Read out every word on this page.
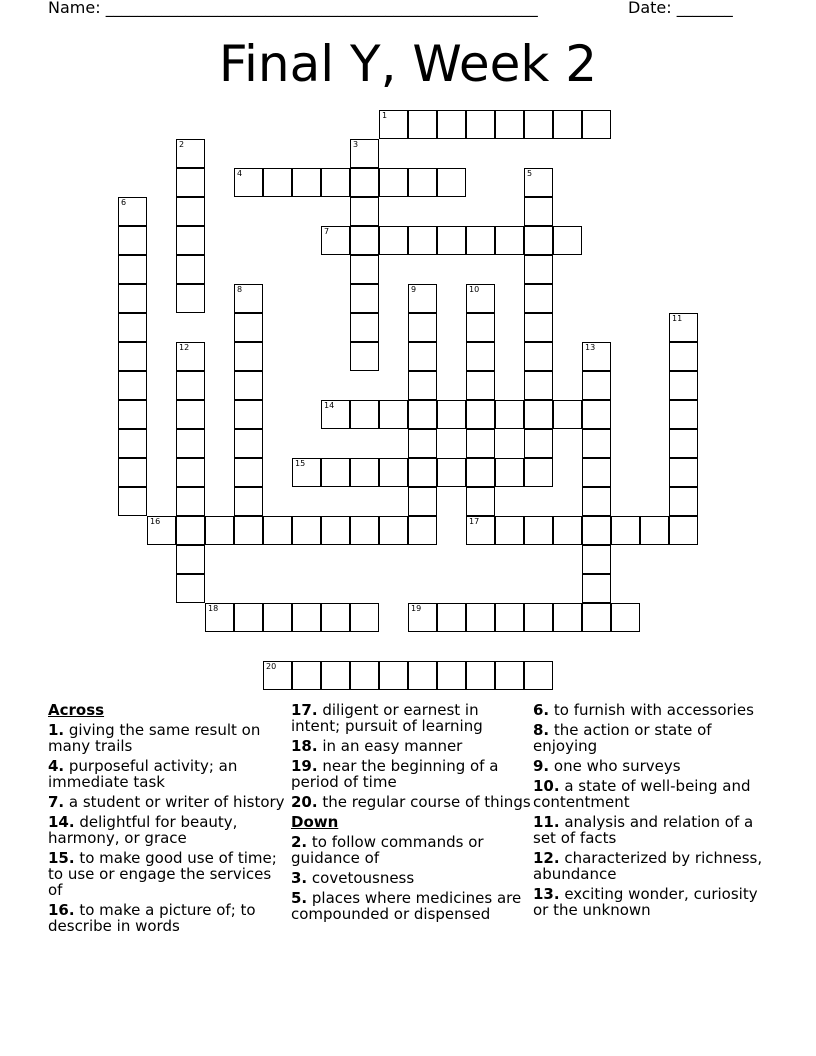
Name: ______________________________________________________	Date: _______
Final Y, Week 2
1
4
7
14
15
16	17
18	19
20
2	3
5
6
8	9	10
11
12	13
Across
1. giving the same result on many trails
4. purposeful activity; an immediate task
7. a student or writer of history
14. delightful for beauty, harmony, or grace
15. to make good use of time; to use or engage the services of
16. to make a picture of; to describe in words
17. diligent or earnest in intent; pursuit of learning
18. in an easy manner
19. near the beginning of a period of time
20. the regular course of things
Down
2. to follow commands or guidance of
3. covetousness
5. places where medicines are compounded or dispensed
6. to furnish with accessories
8. the action or state of enjoying
9. one who surveys
10. a state of well-being and contentment
11. analysis and relation of a set of facts
12. characterized by richness, abundance
13. exciting wonder, curiosity or the unknown
